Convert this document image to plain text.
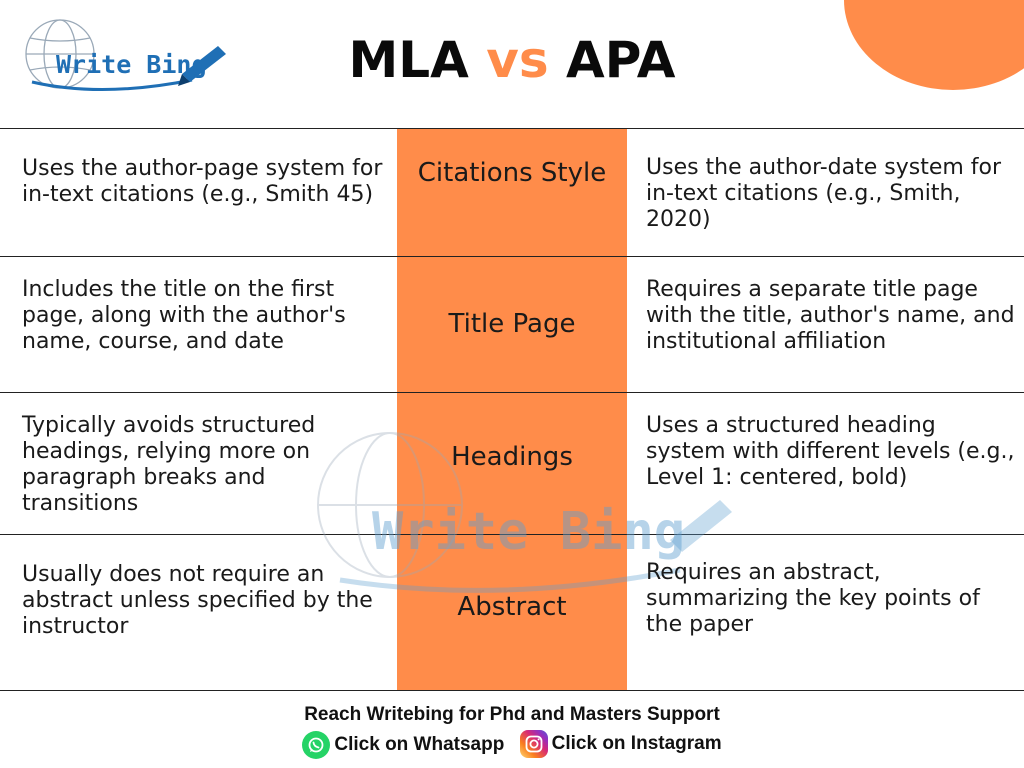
Write Bing	MLA vs APA
Write Bing
Uses the author-page system for in-text citations (e.g., Smith 45)
Citations Style	Uses the author-date system for in-text citations (e.g., Smith, 2020)
Includes the title on the first page, along with the author's name, course, and date
Title Page
Requires a separate title page with the title, author's name, and institutional affiliation
Typically avoids structured headings, relying more on paragraph breaks and transitions
Headings
Uses a structured heading system with different levels (e.g., Level 1: centered, bold)
Usually does not require an abstract unless specified by the instructor
Abstract
Requires an abstract, summarizing the key points of the paper
Reach Writebing for Phd and Masters Support
Click on Whatsapp
Click on Instagram
